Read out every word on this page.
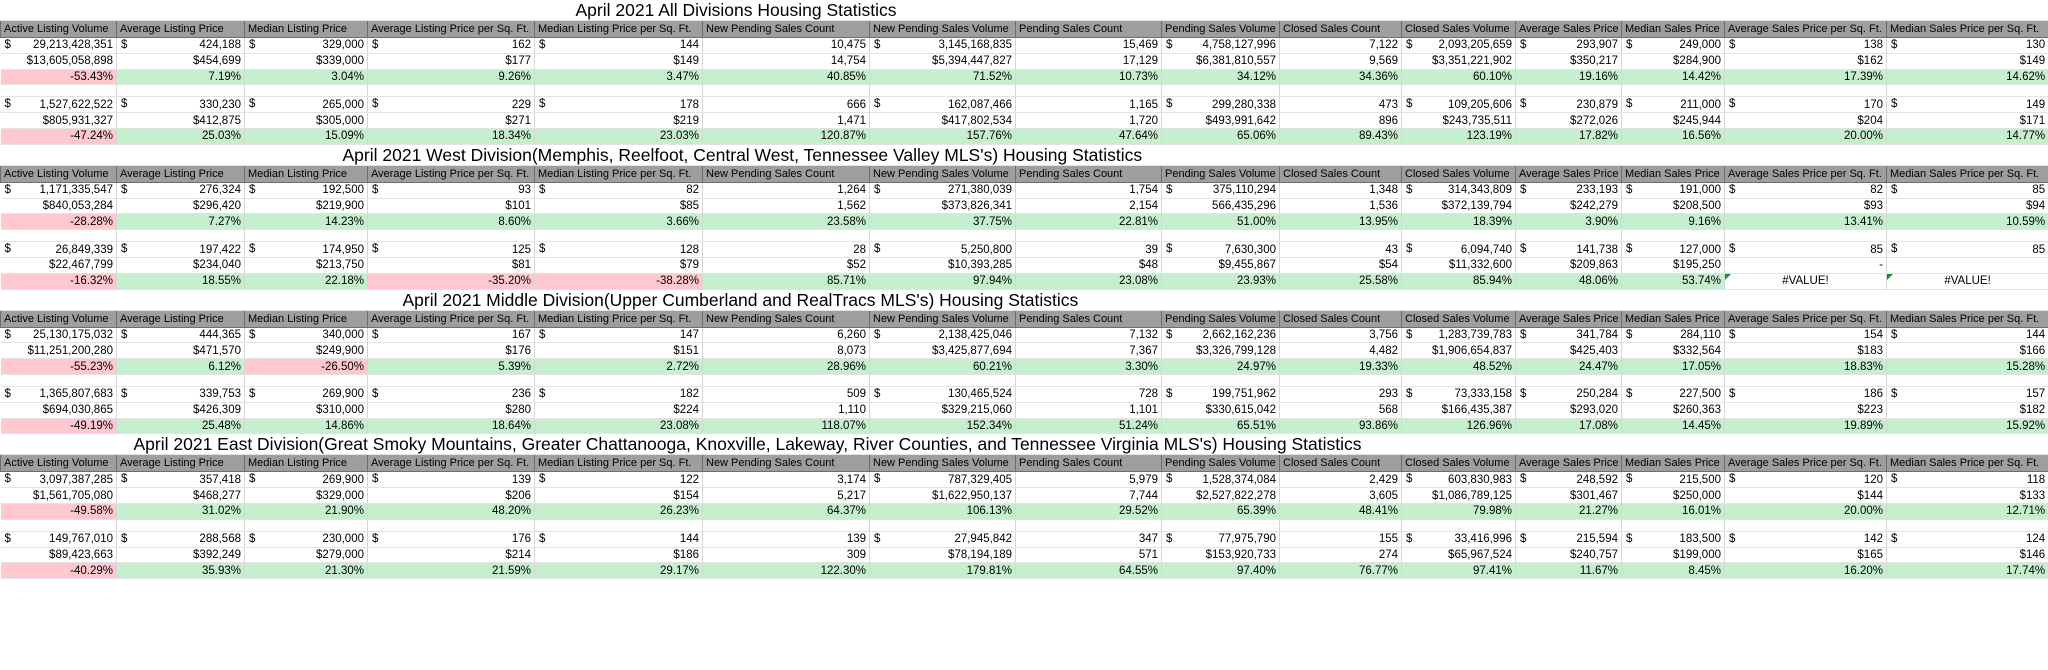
April 2021 All Divisions Housing Statistics														
Active Listing Volume	Average Listing Price	Median Listing Price	Average Listing Price per Sq. Ft.	Median Listing Price per Sq. Ft.	New Pending Sales Count	New Pending Sales Volume	Pending Sales Count	Pending Sales Volume	Closed Sales Count	Closed Sales Volume	Average Sales Price	Median Sales Price	Average Sales Price per Sq. Ft.	Median Sales Price per Sq. Ft.

$ 29,213,428,351	$ 424,188	$ 329,000	$ 162	$ 144	10,475	$ 3,145,168,835	15,469	$ 4,758,127,996	7,122	$ 2,093,205,659	$ 293,907	$ 249,000	$ 138	$ 130
$13,605,058,898	$454,699	$339,000	$177	$149	14,754	$5,394,447,827	17,129	$6,381,810,557	9,569	$3,351,221,902	$350,217	$284,900	$162	$149
-53.43%	7.19%	3.04%	9.26%	3.47%	40.85%	71.52%	10.73%	34.12%	34.36%	60.10%	19.16%	14.42%	17.39%	14.62%

$ 1,527,622,522	$ 330,230	$ 265,000	$ 229	$ 178	666	$ 162,087,466	1,165	$ 299,280,338	473	$ 109,205,606	$ 230,879	$ 211,000	$ 170	$ 149
$805,931,327	$412,875	$305,000	$271	$219	1,471	$417,802,534	1,720	$493,991,642	896	$243,735,511	$272,026	$245,944	$204	$171
-47.24%	25.03%	15.09%	18.34%	23.03%	120.87%	157.76%	47.64%	65.06%	89.43%	123.19%	17.82%	16.56%	20.00%	14.77%
April 2021 West Division(Memphis, Reelfoot, Central West, Tennessee Valley MLS's) Housing Statistics														
Active Listing Volume	Average Listing Price	Median Listing Price	Average Listing Price per Sq. Ft.	Median Listing Price per Sq. Ft.	New Pending Sales Count	New Pending Sales Volume	Pending Sales Count	Pending Sales Volume	Closed Sales Count	Closed Sales Volume	Average Sales Price	Median Sales Price	Average Sales Price per Sq. Ft.	Median Sales Price per Sq. Ft.

$ 1,171,335,547	$ 276,324	$ 192,500	$ 93	$ 82	1,264	$ 271,380,039	1,754	$ 375,110,294	1,348	$ 314,343,809	$ 233,193	$ 191,000	$ 82	$ 85
$840,053,284	$296,420	$219,900	$101	$85	1,562	$373,826,341	2,154	566,435,296	1,536	$372,139,794	$242,279	$208,500	$93	$94
-28.28%	7.27%	14.23%	8.60%	3.66%	23.58%	37.75%	22.81%	51.00%	13.95%	18.39%	3.90%	9.16%	13.41%	10.59%

$ 26,849,339	$ 197,422	$ 174,950	$ 125	$ 128	28	$ 5,250,800	39	$ 7,630,300	43	$ 6,094,740	$ 141,738	$ 127,000	$ 85	$ 85
$22,467,799	$234,040	$213,750	$81	$79	$52	$10,393,285	$48	$9,455,867	$54	$11,332,600	$209,863	$195,250	-	
-16.32%	18.55%	22.18%	-35.20%	-38.28%	85.71%	97.94%	23.08%	23.93%	25.58%	85.94%	48.06%	53.74%	#VALUE!	#VALUE!
April 2021 Middle Division(Upper Cumberland and RealTracs MLS's) Housing Statistics														
Active Listing Volume	Average Listing Price	Median Listing Price	Average Listing Price per Sq. Ft.	Median Listing Price per Sq. Ft.	New Pending Sales Count	New Pending Sales Volume	Pending Sales Count	Pending Sales Volume	Closed Sales Count	Closed Sales Volume	Average Sales Price	Median Sales Price	Average Sales Price per Sq. Ft.	Median Sales Price per Sq. Ft.

$ 25,130,175,032	$ 444,365	$ 340,000	$ 167	$ 147	6,260	$ 2,138,425,046	7,132	$ 2,662,162,236	3,756	$ 1,283,739,783	$ 341,784	$ 284,110	$ 154	$ 144
$11,251,200,280	$471,570	$249,900	$176	$151	8,073	$3,425,877,694	7,367	$3,326,799,128	4,482	$1,906,654,837	$425,403	$332,564	$183	$166
-55.23%	6.12%	-26.50%	5.39%	2.72%	28.96%	60.21%	3.30%	24.97%	19.33%	48.52%	24.47%	17.05%	18.83%	15.28%

$ 1,365,807,683	$ 339,753	$ 269,900	$ 236	$ 182	509	$ 130,465,524	728	$ 199,751,962	293	$ 73,333,158	$ 250,284	$ 227,500	$ 186	$ 157
$694,030,865	$426,309	$310,000	$280	$224	1,110	$329,215,060	1,101	$330,615,042	568	$166,435,387	$293,020	$260,363	$223	$182
-49.19%	25.48%	14.86%	18.64%	23.08%	118.07%	152.34%	51.24%	65.51%	93.86%	126.96%	17.08%	14.45%	19.89%	15.92%
April 2021 East Division(Great Smoky Mountains, Greater Chattanooga, Knoxville, Lakeway, River Counties, and Tennessee Virginia MLS's) Housing Statistics														
Active Listing Volume	Average Listing Price	Median Listing Price	Average Listing Price per Sq. Ft.	Median Listing Price per Sq. Ft.	New Pending Sales Count	New Pending Sales Volume	Pending Sales Count	Pending Sales Volume	Closed Sales Count	Closed Sales Volume	Average Sales Price	Median Sales Price	Average Sales Price per Sq. Ft.	Median Sales Price per Sq. Ft.

$ 3,097,387,285	$ 357,418	$ 269,900	$ 139	$ 122	3,174	$ 787,329,405	5,979	$ 1,528,374,084	2,429	$ 603,830,983	$ 248,592	$ 215,500	$ 120	$ 118
$1,561,705,080	$468,277	$329,000	$206	$154	5,217	$1,622,950,137	7,744	$2,527,822,278	3,605	$1,086,789,125	$301,467	$250,000	$144	$133
-49.58%	31.02%	21.90%	48.20%	26.23%	64.37%	106.13%	29.52%	65.39%	48.41%	79.98%	21.27%	16.01%	20.00%	12.71%

$ 149,767,010	$ 288,568	$ 230,000	$ 176	$ 144	139	$ 27,945,842	347	$ 77,975,790	155	$ 33,416,996	$ 215,594	$ 183,500	$ 142	$ 124
$89,423,663	$392,249	$279,000	$214	$186	309	$78,194,189	571	$153,920,733	274	$65,967,524	$240,757	$199,000	$165	$146
-40.29%	35.93%	21.30%	21.59%	29.17%	122.30%	179.81%	64.55%	97.40%	76.77%	97.41%	11.67%	8.45%	16.20%	17.74%
